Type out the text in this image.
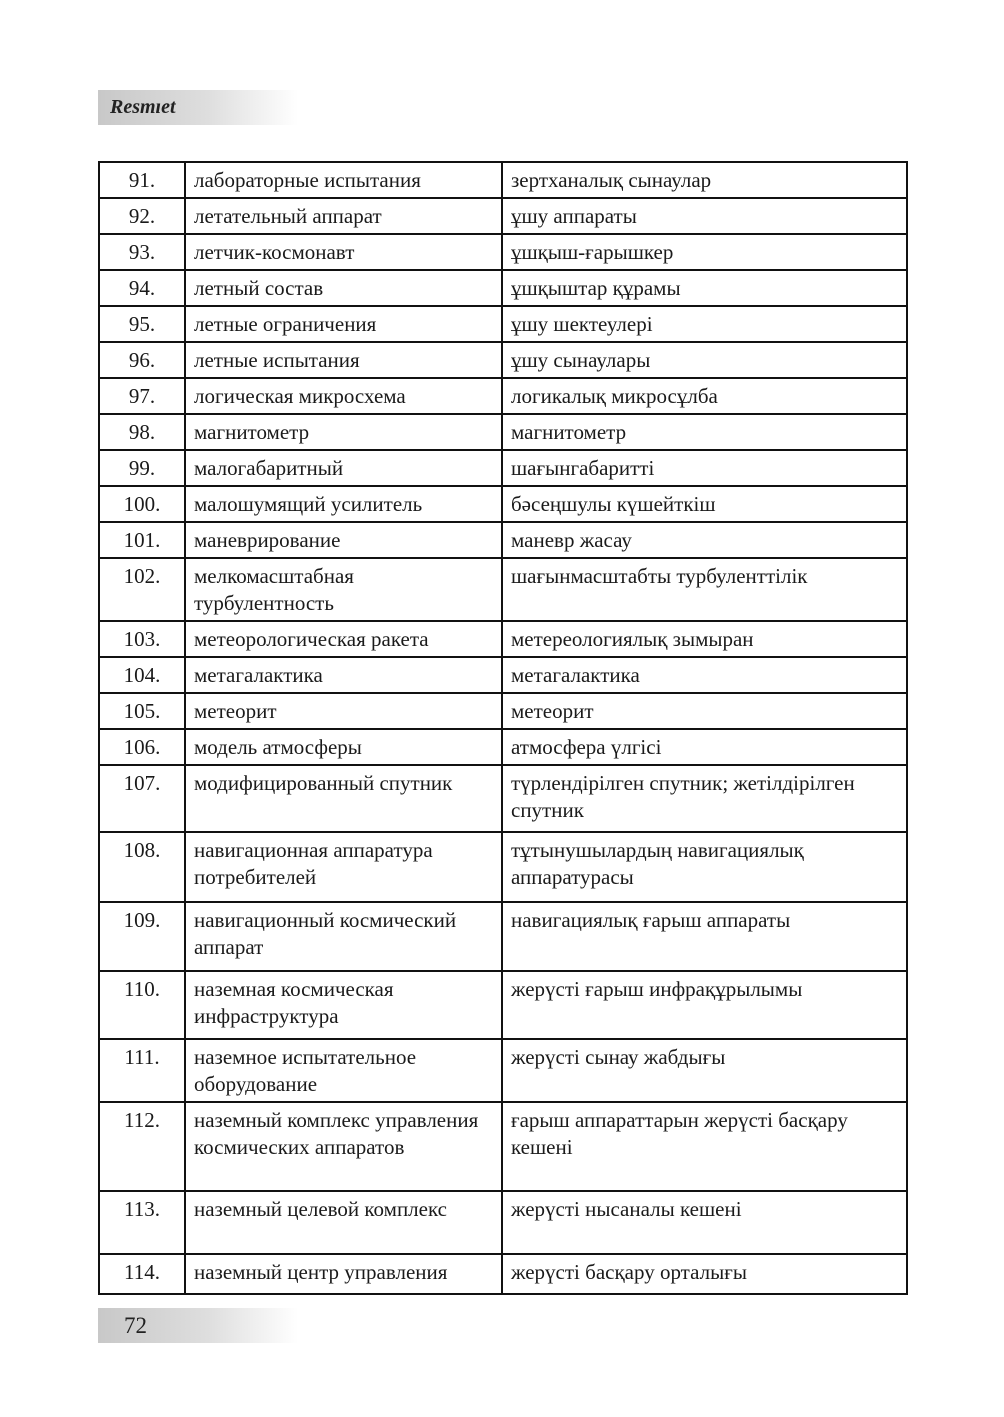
Resmıet
91.	лабораторные испытания	зертханалық сынаулар
92.	летательный аппарат	ұшу аппараты
93.	летчик-космонавт	ұшқыш-ғарышкер
94.	летный состав	ұшқыштар құрамы
95.	летные ограничения	ұшу шектеулері
96.	летные испытания	ұшу сынаулары
97.	логическая микросхема	логикалық микросұлба
98.	магнитометр	магнитометр
99.	малогабаритный	шағынгабаритті
100.	малошумящий усилитель	бәсеңшулы күшейткіш
101.	маневрирование	маневр жасау
102.	мелкомасштабная турбулентность	шағынмасштабты турбуленттілік
103.	метеорологическая ракета	метереологиялық зымыран
104.	метагалактика	метагалактика
105.	метеорит	метеорит
106.	модель атмосферы	атмосфера үлгісі
107.	модифицированный спутник	түрлендірілген спутник; жетілдірілген спутник
108.	навигационная аппаратура потребителей	тұтынушылардың навигациялық аппаратурасы
109.	навигационный космический аппарат	навигациялық ғарыш аппараты
110.	наземная космическая инфраструктура	жерүсті ғарыш инфрақұрылымы
111.	наземное испытательное оборудование	жерүсті сынау жабдығы
112.	наземный комплекс управления космических аппаратов	ғарыш аппараттарын жерүсті басқару кешені
113.	наземный целевой комплекс	жерүсті нысаналы кешені
114.	наземный центр управления	жерүсті басқару орталығы
72
